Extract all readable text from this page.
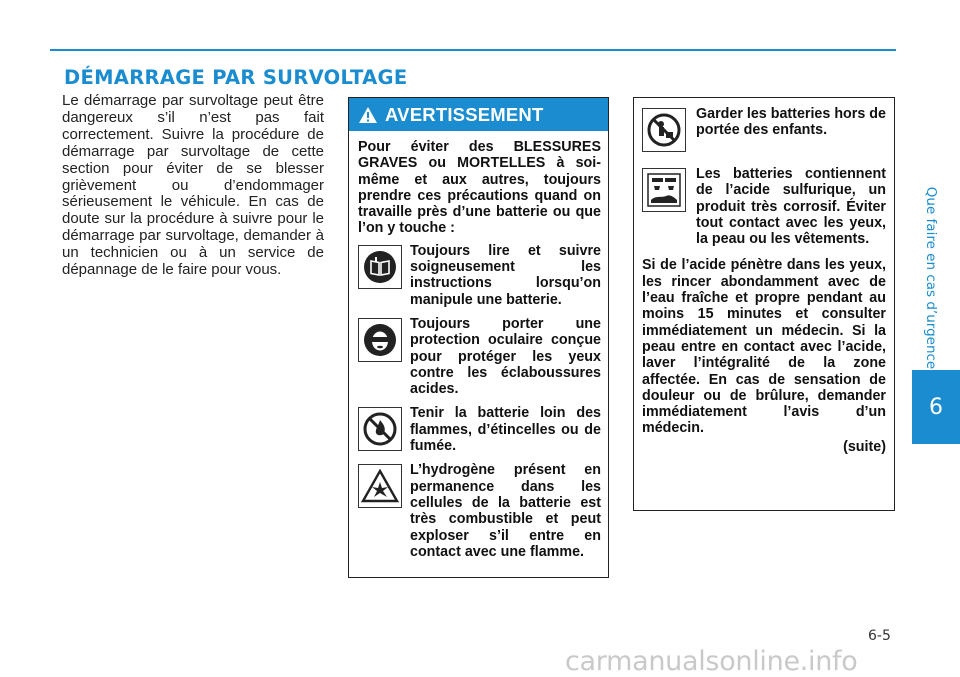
DÉMARRAGE PAR SURVOLTAGE
Le démarrage par survoltage peut être dangereux s’il n’est pas fait correctement. Suivre la procédure de démarrage par survoltage de cette section pour éviter de se blesser grièvement ou d’endommager sérieusement le véhicule. En cas de doute sur la procédure à suivre pour le démarrage par survoltage, demander à un technicien ou à un service de dépannage de le faire pour vous.
AVERTISSEMENT
Pour éviter des BLESSURES GRAVES ou MORTELLES à soi-même et aux autres, toujours prendre ces précautions quand on travaille près d’une batterie ou que l’on y touche :
Toujours lire et suivre soigneusement les instructions lorsqu’on manipule une batterie.
Toujours porter une protection oculaire conçue pour protéger les yeux contre les éclaboussures acides.
Tenir la batterie loin des flammes, d’étincelles ou de fumée.
L’hydrogène présent en permanence dans les cellules de la batterie est très combustible et peut exploser s’il entre en contact avec une flamme.
Garder les batteries hors de portée des enfants.
Les batteries contiennent de l’acide sulfurique, un produit très corrosif. Éviter tout contact avec les yeux, la peau ou les vêtements.
Si de l’acide pénètre dans les yeux, les rincer abondamment avec de l’eau fraîche et propre pendant au moins 15 minutes et consulter immédiatement un médecin. Si la peau entre en contact avec l’acide, laver l’intégralité de la zone affectée. En cas de sensation de douleur ou de brûlure, demander immédiatement l’avis d’un médecin.
(suite)
Que faire en cas d’urgence
6
6-5
carmanualsonline.info
